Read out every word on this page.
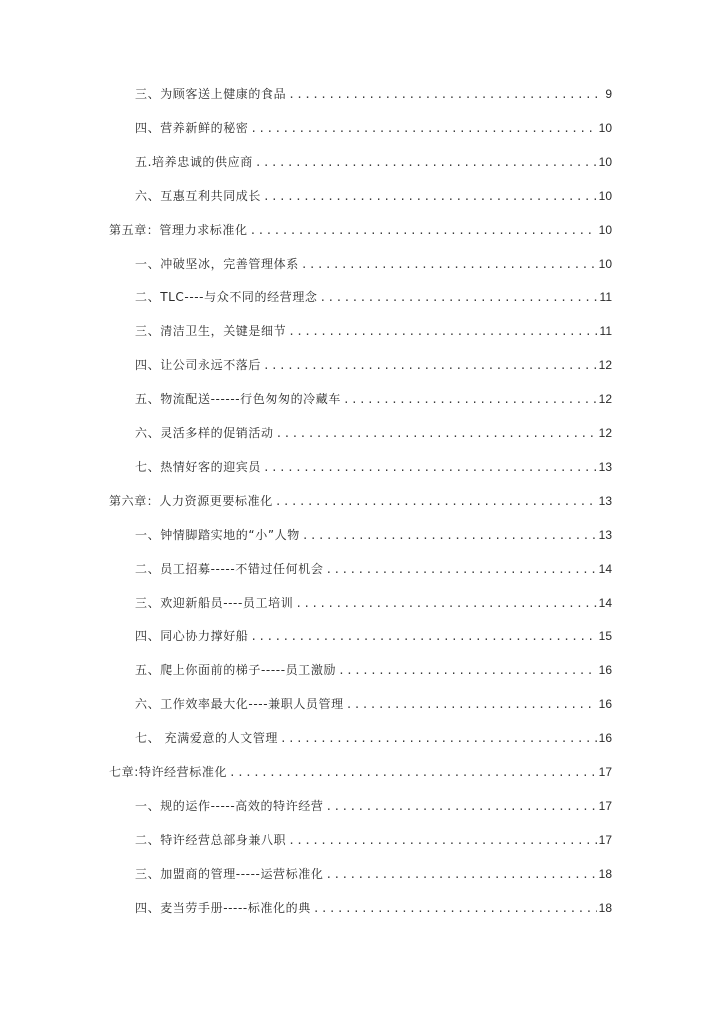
三、为顾客送上健康的食品 .....	9
四、营养新鲜的秘密 .....	10
五.培养忠诚的供应商 .....	10
六、互惠互利共同成长 .....	10
第五章：管理力求标准化 .....	10
一、冲破坚冰，完善管理体系 .....	10
二、TLC----与众不同的经营理念 .....	11
三、清洁卫生，关键是细节 .....	11
四、让公司永远不落后 .....	12
五、物流配送------行色匆匆的冷藏车 .....	12
六、灵活多样的促销活动 .....	12
七、热情好客的迎宾员 .....	13
第六章：人力资源更要标准化 .....	13
一、钟情脚踏实地的“小”人物 .....	13
二、员工招募-----不错过任何机会 .....	14
三、欢迎新船员----员工培训 .....	14
四、同心协力撑好船 .....	15
五、爬上你面前的梯子-----员工激励 .....	16
六、工作效率最大化----兼职人员管理 .....	16
七、 充满爱意的人文管理 .....	16
七章:特许经营标准化 .....	17
一、规的运作-----高效的特许经营 .....	17
二、特许经营总部身兼八职 .....	17
三、加盟商的管理-----运营标准化 .....	18
四、麦当劳手册-----标准化的典 .....	18
